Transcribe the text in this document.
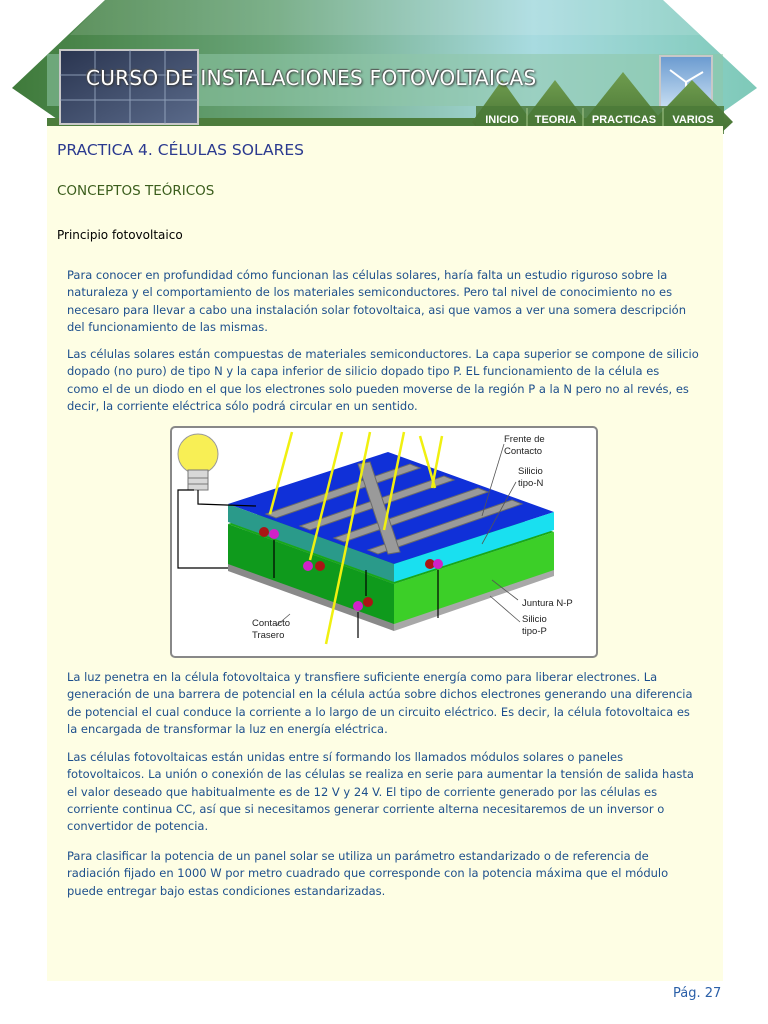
CURSO DE INSTALACIONES FOTOVOLTAICAS
INICIO	TEORIA	PRACTICAS	VARIOS
PRACTICA 4. CÉLULAS SOLARES
CONCEPTOS TEÓRICOS
Principio fotovoltaico

Para conocer en profundidad cómo funcionan las células solares, haría falta un estudio riguroso sobre la
naturaleza y el comportamiento de los materiales semiconductores. Pero tal nivel de conocimiento no es
necesaro para llevar a cabo una instalación solar fotovoltaica, asi que vamos a ver una somera descripción
del funcionamiento de las mismas.

Las células solares están compuestas de materiales semiconductores. La capa superior se compone de silicio
dopado (no puro) de tipo N y la capa inferior de silicio dopado tipo P. EL funcionamiento de la célula es
como el de un diodo en el que los electrones solo pueden moverse de la región P a la N pero no al revés, es
decir, la corriente eléctrica sólo podrá circular en un sentido.

Frente de Contacto
Silicio tipo-N
Juntura N-P
Silicio tipo-P
Contacto Trasero

La luz penetra en la célula fotovoltaica y transfiere suficiente energía como para liberar electrones. La
generación de una barrera de potencial en la célula actúa sobre dichos electrones generando una diferencia
de potencial el cual conduce la corriente a lo largo de un circuito eléctrico. Es decir, la célula fotovoltaica es
la encargada de transformar la luz en energía eléctrica.

Las células fotovoltaicas están unidas entre sí formando los llamados módulos solares o paneles
fotovoltaicos. La unión o conexión de las células se realiza en serie para aumentar la tensión de salida hasta
el valor deseado que habitualmente es de 12 V y 24 V. El tipo de corriente generado por las células es
corriente continua CC, así que si necesitamos generar corriente alterna necesitaremos de un inversor o
convertidor de potencia.

Para clasificar la potencia de un panel solar se utiliza un parámetro estandarizado o de referencia de
radiación fijado en 1000 W por metro cuadrado que corresponde con la potencia máxima que el módulo
puede entregar bajo estas condiciones estandarizadas.

Pág. 27
